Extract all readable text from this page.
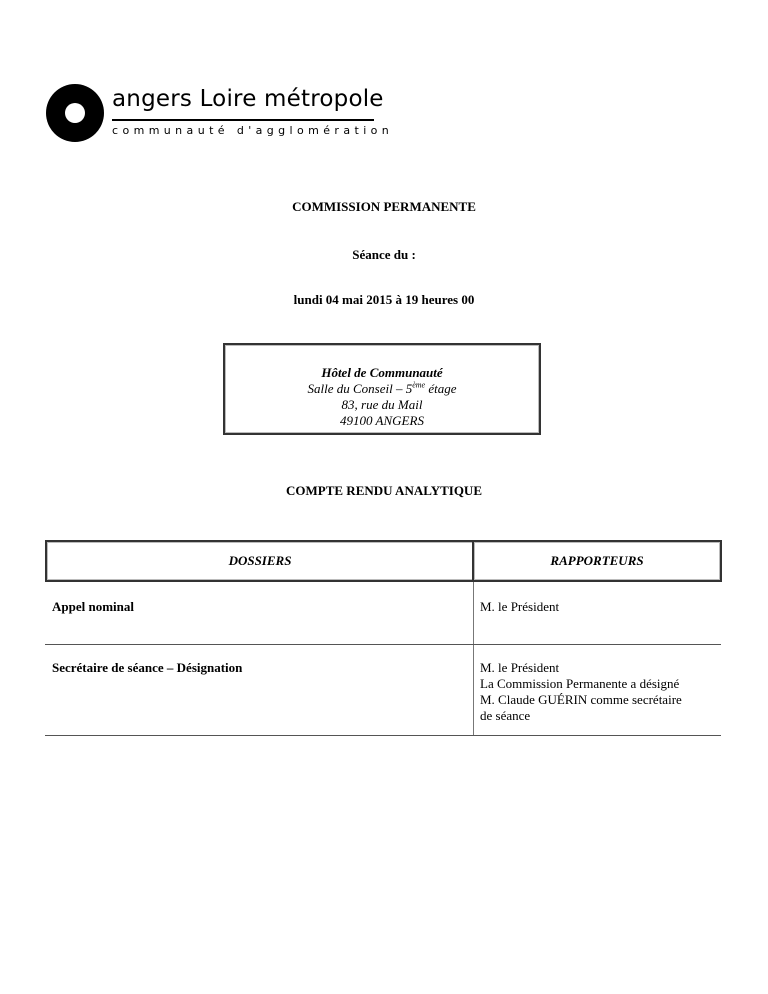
angers Loire métropole
communauté d'agglomération
COMMISSION PERMANENTE
Séance du :
lundi 04 mai 2015 à 19 heures 00
Hôtel de Communauté
Salle du Conseil – 5ème étage
83, rue du Mail
49100 ANGERS
COMPTE RENDU ANALYTIQUE
DOSSIERS	RAPPORTEURS
Appel nominal	M. le Président
Secrétaire de séance – Désignation	M. le Président
La Commission Permanente a désigné
M. Claude GUÉRIN comme secrétaire
de séance
